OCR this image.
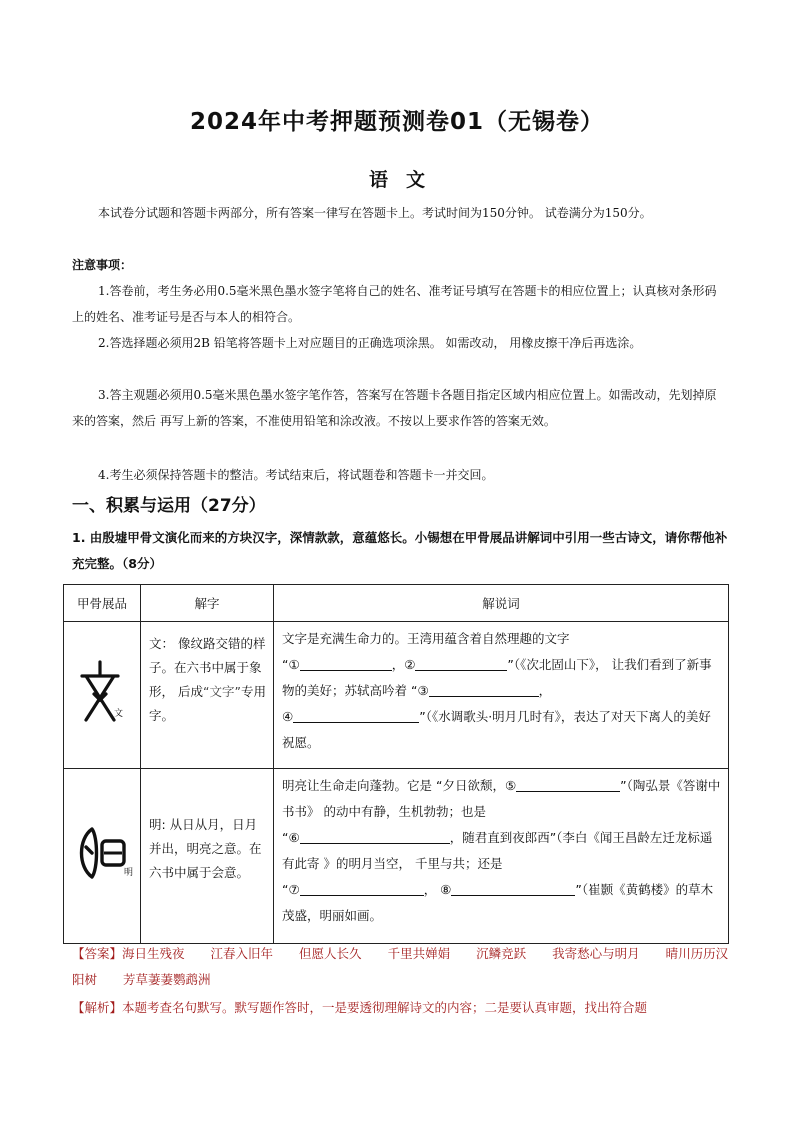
2024年中考押题预测卷01（无锡卷）
语文
本试卷分试题和答题卡两部分，所有答案一律写在答题卡上。考试时间为150分钟。 试卷满分为150分。
注意事项：
1.答卷前，考生务必用0.5毫米黑色墨水签字笔将自己的姓名、准考证号填写在答题卡的相应位置上；认真核对条形码上的姓名、准考证号是否与本人的相符合。
2.答选择题必须用2B 铅笔将答题卡上对应题目的正确选项涂黑。 如需改动， 用橡皮擦干净后再选涂。
3.答主观题必须用0.5毫米黑色墨水签字笔作答，答案写在答题卡各题目指定区域内相应位置上。如需改动，先划掉原来的答案，然后 再写上新的答案，不准使用铅笔和涂改液。不按以上要求作答的答案无效。
4.考生必须保持答题卡的整洁。考试结束后，将试题卷和答题卡一并交回。
一、积累与运用（27分）
1. 由殷墟甲骨文演化而来的方块汉字，深情款款，意蕴悠长。小锡想在甲骨展品讲解词中引用一些古诗文，请你帮他补充完整。（8分）
甲骨展品	解字	解说词

文	文： 像纹路交错的样子。在六书中属于象形， 后成“文字”专用字。	文字是充满生命力的。王湾用蕴含着自然理趣的文字
“① ，② ”（《次北固山下》， 让我们看到了新事物的美好；苏轼高吟着 “③ ，
④ ”（《水调歌头·明月几时有》，表达了对天下离人的美好祝愿。

明	明: 从日从月，日月并出，明亮之意。在六书中属于会意。	明亮让生命走向蓬勃。它是 “夕日欲颓，⑤ ”（陶弘景《答谢中书书》 的动中有静，生机勃勃；也是
“⑥ ，随君直到夜郎西”（李白《闻王昌龄左迁龙标遥有此寄 》的明月当空， 千里与共；还是
“⑦ ， ⑧ ”（崔颢《黄鹤楼》的草木茂盛，明丽如画。
【答案】海日生残夜 江春入旧年 但愿人长久 千里共婵娟 沉鳞竞跃 我寄愁心与明月 晴川历历汉阳树 芳草萋萋鹦鹉洲
【解析】本题考查名句默写。默写题作答时，一是要透彻理解诗文的内容；二是要认真审题，找出符合题
